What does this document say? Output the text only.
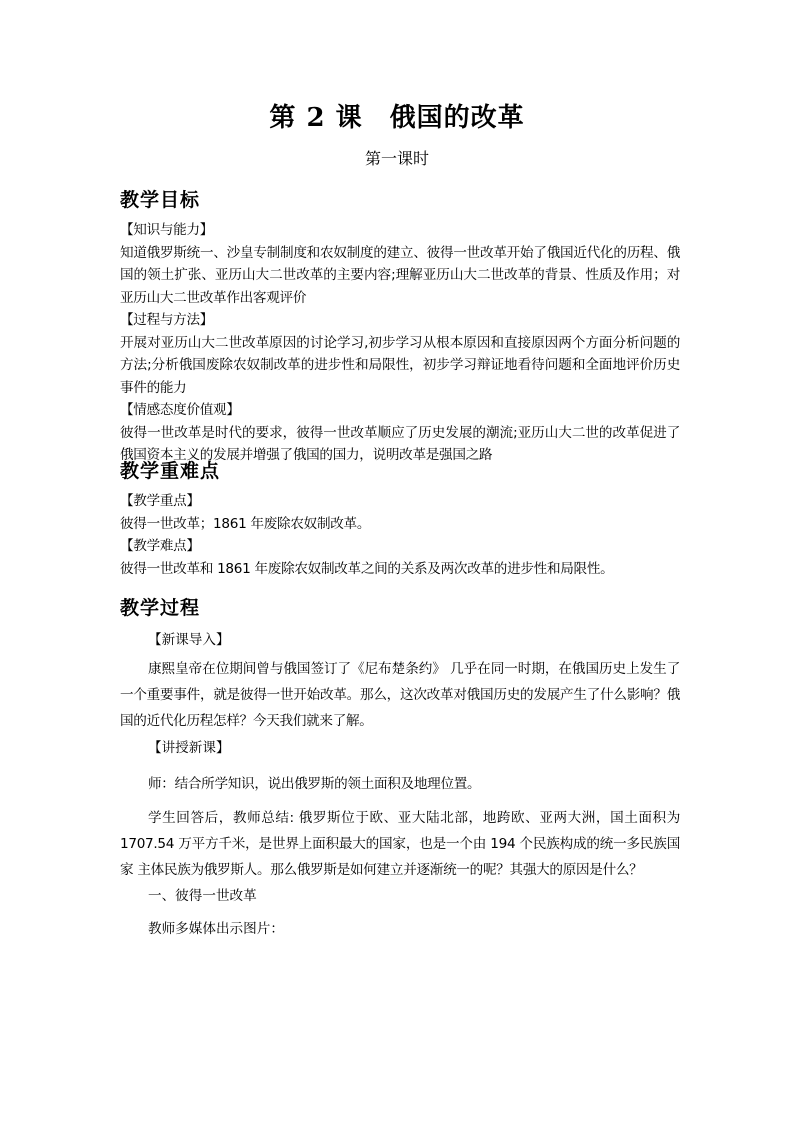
第 2 课　俄国的改革
第一课时
教学目标

【知识与能力】

知道俄罗斯统一、沙皇专制制度和农奴制度的建立、彼得一世改革开始了俄国近代化的历程、俄国的领土扩张、亚历山大二世改革的主要内容;理解亚历山大二世改革的背景、性质及作用；对亚历山大二世改革作出客观评价

【过程与方法】

开展对亚历山大二世改革原因的讨论学习,初步学习从根本原因和直接原因两个方面分析问题的方法;分析俄国废除农奴制改革的进步性和局限性，初步学习辩证地看待问题和全面地评价历史事件的能力

【情感态度价值观】

彼得一世改革是时代的要求，彼得一世改革顺应了历史发展的潮流;亚历山大二世的改革促进了俄国资本主义的发展并增强了俄国的国力，说明改革是强国之路

教学重难点

【教学重点】

彼得一世改革；1861 年废除农奴制改革。

【教学难点】

彼得一世改革和 1861 年废除农奴制改革之间的关系及两次改革的进步性和局限性。

教学过程
【新课导入】

康熙皇帝在位期间曾与俄国签订了《尼布楚条约》 几乎在同一时期，在俄国历史上发生了一个重要事件，就是彼得一世开始改革。那么，这次改革对俄国历史的发展产生了什么影响？俄国的近代化历程怎样？今天我们就来了解。

【讲授新课】

师：结合所学知识，说出俄罗斯的领土面积及地理位置。

学生回答后，教师总结: 俄罗斯位于欧、亚大陆北部，地跨欧、亚两大洲，国土面积为 1707.54 万平方千米，是世界上面积最大的国家，也是一个由 194 个民族构成的统一多民族国家 主体民族为俄罗斯人。那么俄罗斯是如何建立并逐渐统一的呢？其强大的原因是什么？

一、彼得一世改革
教师多媒体出示图片：
